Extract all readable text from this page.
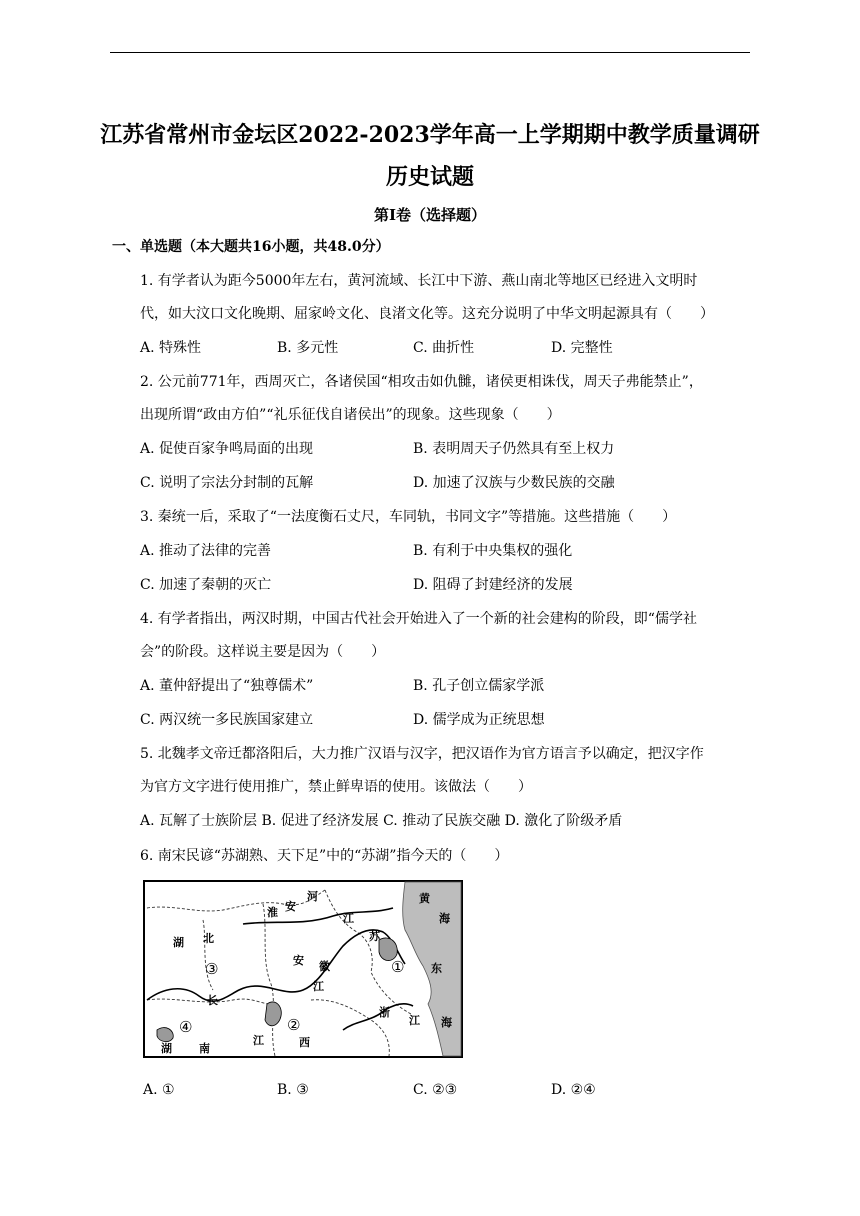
江苏省常州市金坛区2022-2023学年高一上学期期中教学质量调研
历史试题
第I卷（选择题）
一、单选题（本大题共16小题，共48.0分）
1. 有学者认为距今5000年左右，黄河流域、长江中下游、燕山南北等地区已经进入文明时
代，如大汶口文化晚期、屈家岭文化、良渚文化等。这充分说明了中华文明起源具有（　　）
A. 特殊性	B. 多元性	C. 曲折性	D. 完整性
2. 公元前771年，西周灭亡，各诸侯国“相攻击如仇雠，诸侯更相诛伐，周天子弗能禁止”，
出现所谓“政由方伯”“礼乐征伐自诸侯出”的现象。这些现象（　　）
A. 促使百家争鸣局面的出现	B. 表明周天子仍然具有至上权力
C. 说明了宗法分封制的瓦解	D. 加速了汉族与少数民族的交融
3. 秦统一后，采取了“一法度衡石丈尺，车同轨，书同文字”等措施。这些措施（　　）
A. 推动了法律的完善	B. 有利于中央集权的强化
C. 加速了秦朝的灭亡	D. 阻碍了封建经济的发展
4. 有学者指出，两汉时期，中国古代社会开始进入了一个新的社会建构的阶段，即“儒学社
会”的阶段。这样说主要是因为（　　）
A. 董仲舒提出了“独尊儒术”	B. 孔子创立儒家学派
C. 两汉统一多民族国家建立	D. 儒学成为正统思想
5. 北魏孝文帝迁都洛阳后，大力推广汉语与汉字，把汉语作为官方语言予以确定，把汉字作
为官方文字进行使用推广，禁止鲜卑语的使用。该做法（　　）
A. 瓦解了士族阶层 B. 促进了经济发展 C. 推动了民族交融 D. 激化了阶级矛盾
6. 南宋民谚“苏湖熟、天下足”中的“苏湖”指今天的（　　）
黄
海
淮 安
河
江
苏
东
湖 北
安 徽
江
长
浙
江 海
湖 南
江	西
①
②
③
④
A. ①	B. ③	C. ②③	D. ②④
